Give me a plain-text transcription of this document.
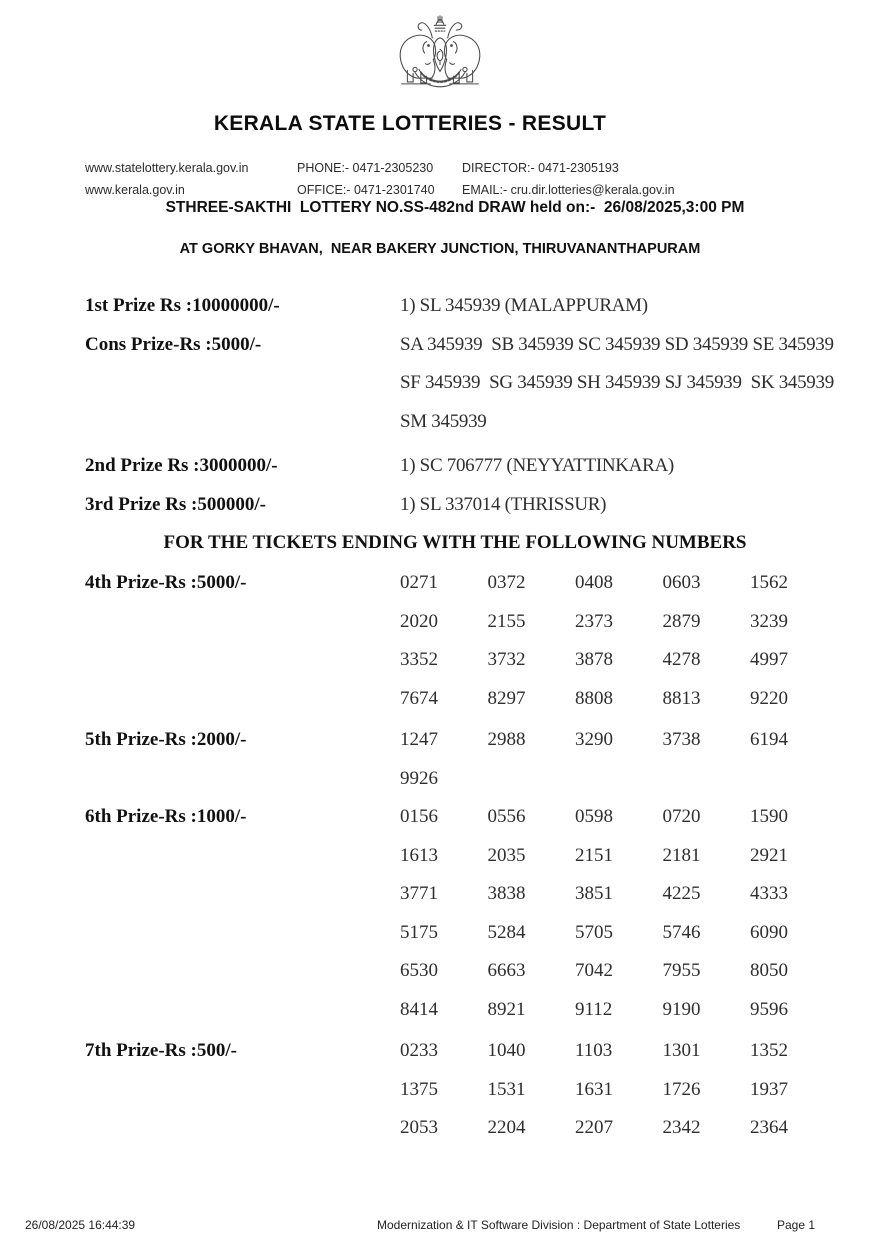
KERALA STATE LOTTERIES - RESULT
www.statelottery.kerala.gov.in
www.kerala.gov.in
PHONE:- 0471-2305230
OFFICE:- 0471-2301740
DIRECTOR:- 0471-2305193
EMAIL:- cru.dir.lotteries@kerala.gov.in
STHREE-SAKTHI  LOTTERY NO.SS-482nd DRAW held on:-  26/08/2025,3:00 PM
AT GORKY BHAVAN,  NEAR BAKERY JUNCTION, THIRUVANANTHAPURAM
1st Prize Rs :10000000/-	1) SL 345939 (MALAPPURAM)
Cons Prize-Rs :5000/-	SA 345939  SB 345939 SC 345939 SD 345939 SE 345939
SF 345939  SG 345939 SH 345939 SJ 345939  SK 345939
SM 345939
2nd Prize Rs :3000000/-	1) SC 706777 (NEYYATTINKARA)
3rd Prize Rs :500000/-	1) SL 337014 (THRISSUR)
FOR THE TICKETS ENDING WITH THE FOLLOWING NUMBERS
4th Prize-Rs :5000/-	0271	0372	0408	0603	1562
2020	2155	2373	2879	3239
3352	3732	3878	4278	4997
7674	8297	8808	8813	9220
5th Prize-Rs :2000/-	1247	2988	3290	3738	6194
9926
6th Prize-Rs :1000/-	0156	0556	0598	0720	1590
1613	2035	2151	2181	2921
3771	3838	3851	4225	4333
5175	5284	5705	5746	6090
6530	6663	7042	7955	8050
8414	8921	9112	9190	9596
7th Prize-Rs :500/-	0233	1040	1103	1301	1352
1375	1531	1631	1726	1937
2053	2204	2207	2342	2364
26/08/2025 16:44:39	Modernization & IT Software Division : Department of State Lotteries	Page 1
